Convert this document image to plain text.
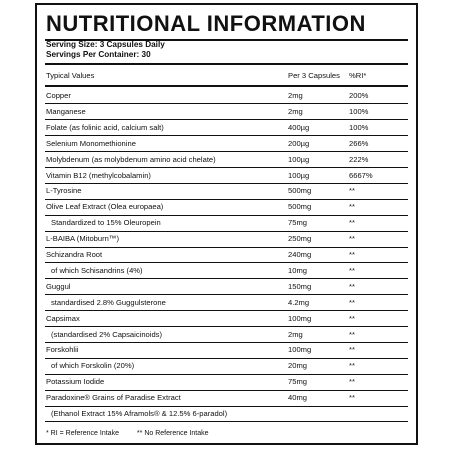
NUTRITIONAL INFORMATION
Serving Size: 3 Capsules Daily
Servings Per Container: 30
Typical Values	Per 3 Capsules %RI*
Copper	2mg	200%
Manganese	2mg	100%
Folate (as folinic acid, calcium salt)	400µg	100%
Selenium Monomethionine	200µg	266%
Molybdenum (as molybdenum amino acid chelate)	100µg	222%
Vitamin B12 (methylcobalamin)	100µg	6667%
L-Tyrosine	500mg	**
Olive Leaf Extract (Olea europaea)	500mg	**
Standardized to 15% Oleuropein	75mg	**
L-BAIBA (Mitoburn™)	250mg	**
Schizandra Root	240mg	**
of which Schisandrins (4%)	10mg	**
Guggul	150mg	**
standardised 2.8% Guggulsterone	4.2mg	**
Capsimax	100mg	**
(standardised 2% Capsaicinoids)	2mg	**
Forskohlii	100mg	**
of which Forskolin (20%)	20mg	**
Potassium Iodide	75mg	**
Paradoxine® Grains of Paradise Extract	40mg	**
(Ethanol Extract 15% Aframols® & 12.5% 6-paradol)
* RI = Reference Intake	** No Reference Intake
